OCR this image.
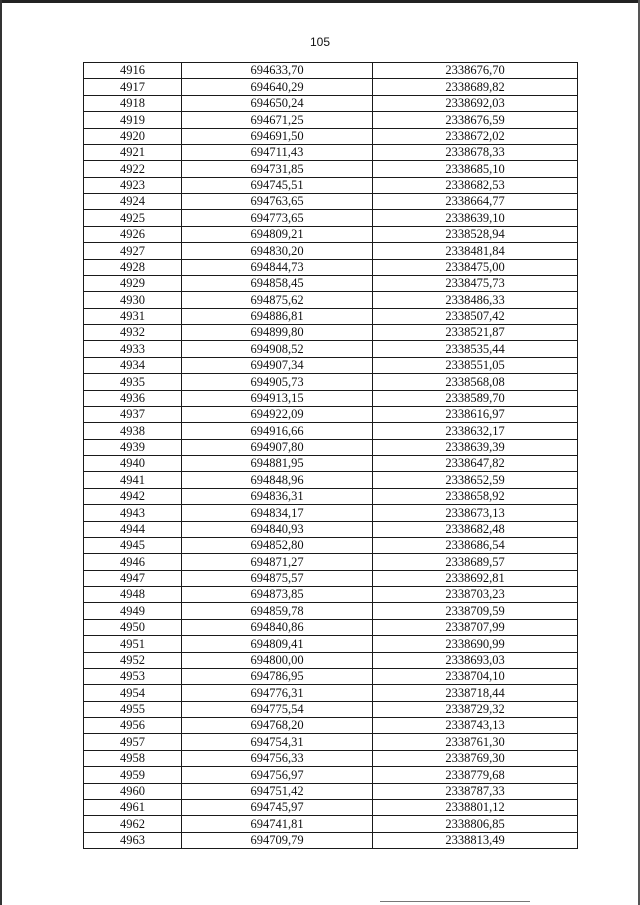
105
4916	694633,70	2338676,70
4917	694640,29	2338689,82
4918	694650,24	2338692,03
4919	694671,25	2338676,59
4920	694691,50	2338672,02
4921	694711,43	2338678,33
4922	694731,85	2338685,10
4923	694745,51	2338682,53
4924	694763,65	2338664,77
4925	694773,65	2338639,10
4926	694809,21	2338528,94
4927	694830,20	2338481,84
4928	694844,73	2338475,00
4929	694858,45	2338475,73
4930	694875,62	2338486,33
4931	694886,81	2338507,42
4932	694899,80	2338521,87
4933	694908,52	2338535,44
4934	694907,34	2338551,05
4935	694905,73	2338568,08
4936	694913,15	2338589,70
4937	694922,09	2338616,97
4938	694916,66	2338632,17
4939	694907,80	2338639,39
4940	694881,95	2338647,82
4941	694848,96	2338652,59
4942	694836,31	2338658,92
4943	694834,17	2338673,13
4944	694840,93	2338682,48
4945	694852,80	2338686,54
4946	694871,27	2338689,57
4947	694875,57	2338692,81
4948	694873,85	2338703,23
4949	694859,78	2338709,59
4950	694840,86	2338707,99
4951	694809,41	2338690,99
4952	694800,00	2338693,03
4953	694786,95	2338704,10
4954	694776,31	2338718,44
4955	694775,54	2338729,32
4956	694768,20	2338743,13
4957	694754,31	2338761,30
4958	694756,33	2338769,30
4959	694756,97	2338779,68
4960	694751,42	2338787,33
4961	694745,97	2338801,12
4962	694741,81	2338806,85
4963	694709,79	2338813,49
